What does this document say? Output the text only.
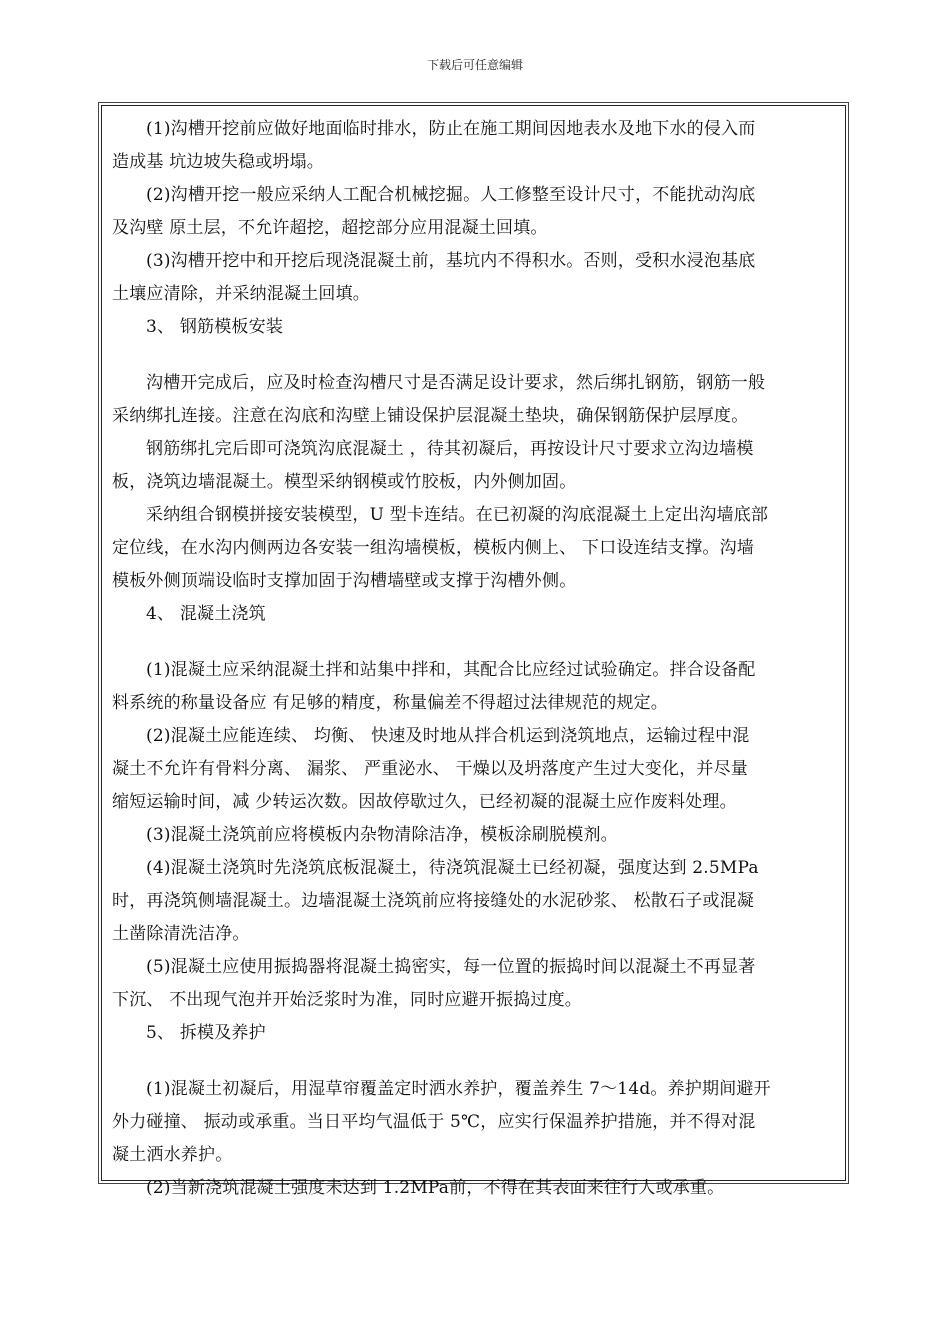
下载后可任意编辑
(1)沟槽开挖前应做好地面临时排水，防止在施工期间因地表水及地下水的侵入而
造成基 坑边坡失稳或坍塌。
(2)沟槽开挖一般应采纳人工配合机械挖掘。人工修整至设计尺寸，不能扰动沟底
及沟壁 原土层，不允许超挖，超挖部分应用混凝土回填。
(3)沟槽开挖中和开挖后现浇混凝土前，基坑内不得积水。否则，受积水浸泡基底
土壤应清除，并采纳混凝土回填。
3、 钢筋模板安装
沟槽开完成后，应及时检查沟槽尺寸是否满足设计要求，然后绑扎钢筋，钢筋一般
采纳绑扎连接。注意在沟底和沟壁上铺设保护层混凝土垫块，确保钢筋保护层厚度。
钢筋绑扎完后即可浇筑沟底混凝土 ，待其初凝后，再按设计尺寸要求立沟边墙模
板，浇筑边墙混凝土。模型采纳钢模或竹胶板，内外侧加固。
采纳组合钢模拼接安装模型，U 型卡连结。在已初凝的沟底混凝土上定出沟墙底部
定位线，在水沟内侧两边各安装一组沟墙模板，模板内侧上、 下口设连结支撑。沟墙
模板外侧顶端设临时支撑加固于沟槽墙壁或支撑于沟槽外侧。
4、 混凝土浇筑
(1)混凝土应采纳混凝土拌和站集中拌和，其配合比应经过试验确定。拌合设备配
料系统的称量设备应 有足够的精度，称量偏差不得超过法律规范的规定。
(2)混凝土应能连续、 均衡、 快速及时地从拌合机运到浇筑地点，运输过程中混
凝土不允许有骨料分离、 漏浆、 严重泌水、 干燥以及坍落度产生过大变化，并尽量
缩短运输时间，减 少转运次数。因故停歇过久，已经初凝的混凝土应作废料处理。
(3)混凝土浇筑前应将模板内杂物清除洁净，模板涂刷脱模剂。
(4)混凝土浇筑时先浇筑底板混凝土，待浇筑混凝土已经初凝，强度达到 2.5MPa
时，再浇筑侧墙混凝土。边墙混凝土浇筑前应将接缝处的水泥砂浆、 松散石子或混凝
土凿除清洗洁净。
(5)混凝土应使用振捣器将混凝土捣密实，每一位置的振捣时间以混凝土不再显著
下沉、 不出现气泡并开始泛浆时为准，同时应避开振捣过度。
5、 拆模及养护
(1)混凝土初凝后，用湿草帘覆盖定时洒水养护，覆盖养生 7～14d。养护期间避开
外力碰撞、 振动或承重。当日平均气温低于 5℃，应实行保温养护措施，并不得对混
凝土洒水养护。
(2)当新浇筑混凝土强度未达到 1.2MPa前，不得在其表面来往行人或承重。
